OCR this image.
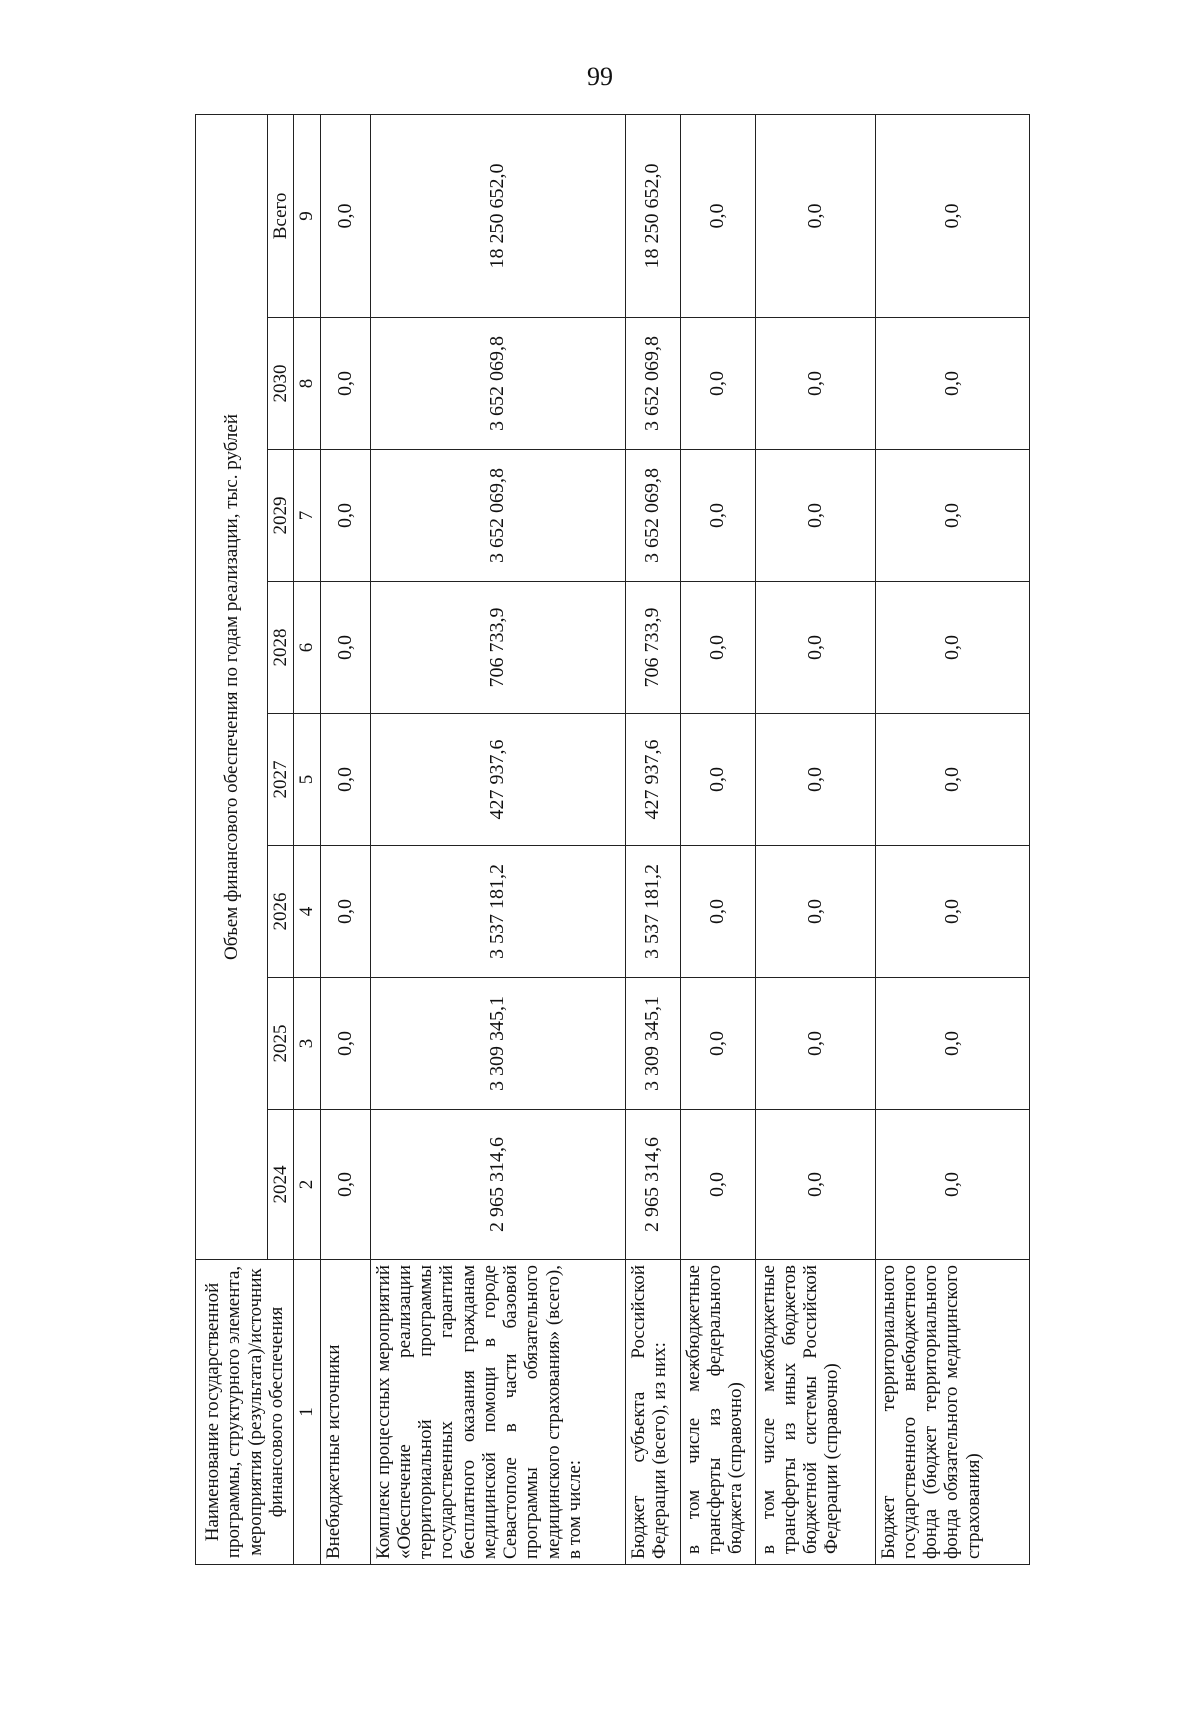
99
Наименование государственной программы, структурного элемента, мероприятия (результата)/источник финансового обеспечения	Объем финансового обеспечения по годам реализации, тыс. рублей							
	2024	2025	2026	2027	2028	2029	2030	Всего
1	2	3	4	5	6	7	8	9
Внебюджетные источники	0,0	0,0	0,0	0,0	0,0	0,0	0,0	0,0
Комплекс процессных мероприятий «Обеспечение реализации территориальной программы государственных гарантий бесплатного оказания гражданам медицинской помощи в городе Севастополе в части базовой программы обязательного медицинского страхования» (всего), в том числе:	2 965 314,6	3 309 345,1	3 537 181,2	427 937,6	706 733,9	3 652 069,8	3 652 069,8	18 250 652,0
Бюджет субъекта Российской Федерации (всего), из них:	2 965 314,6	3 309 345,1	3 537 181,2	427 937,6	706 733,9	3 652 069,8	3 652 069,8	18 250 652,0
в том числе межбюджетные трансферты из федерального бюджета (справочно)	0,0	0,0	0,0	0,0	0,0	0,0	0,0	0,0
в том числе межбюджетные трансферты из иных бюджетов бюджетной системы Российской Федерации (справочно)	0,0	0,0	0,0	0,0	0,0	0,0	0,0	0,0
Бюджет территориального государственного внебюджетного фонда (бюджет территориального фонда обязательного медицинского страхования)	0,0	0,0	0,0	0,0	0,0	0,0	0,0	0,0
